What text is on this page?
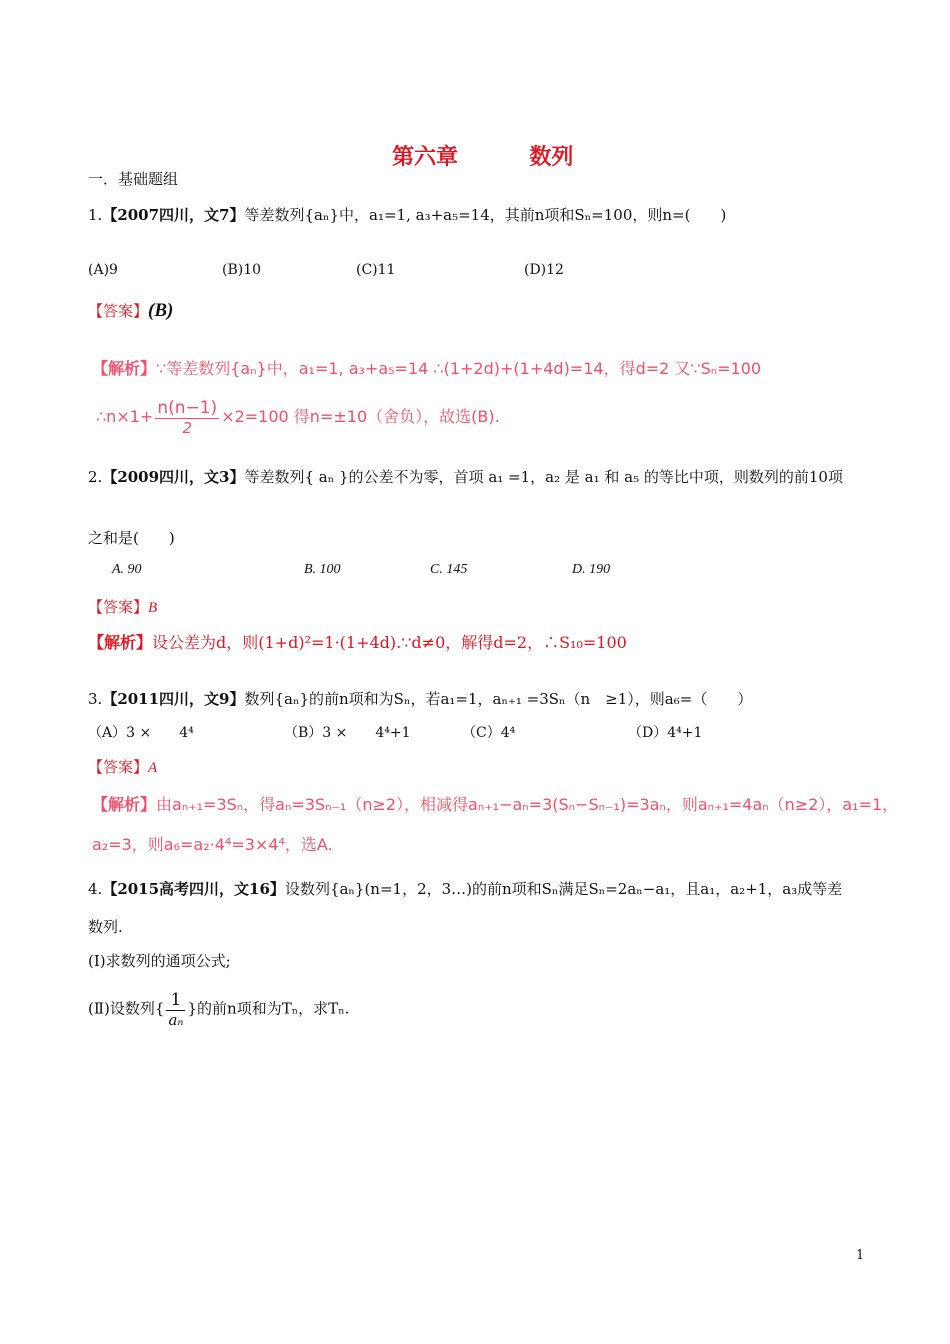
第六章	数列
一．基础题组
1.【2007四川，文7】等差数列{aₙ}中，a₁=1, a₃+a₅=14，其前n项和Sₙ=100，则n=(　　)
(A)9	(B)10	(C)11	(D)12
【答案】(B)
【解析】∵等差数列{aₙ}中，a₁=1, a₃+a₅=14 ∴(1+2d)+(1+4d)=14，得d=2 又∵Sₙ=100
∴n×1+ $\frac{n(n-1)}{2} \times 2=100$ 得n=±10（舍负），故选(B).
2.【2009四川，文3】等差数列{ aₙ }的公差不为零，首项 a₁ =1，a₂ 是 a₁ 和 a₅ 的等比中项，则数列的前10项
之和是(　　)
A. 90	B. 100	C. 145	D. 190
【答案】B
【解析】设公差为d，则(1+d)²=1·(1+4d).∵d≠0，解得d=2，∴S₁₀=100
3.【2011四川，文9】数列{aₙ}的前n项和为Sₙ，若a₁=1，aₙ₊₁ =3Sₙ（n　≥1），则a₆=（　　）
（A）3 ×　　4⁴	（B）3 ×　　4⁴+1	（C）4⁴	（D）4⁴+1
【答案】A
【解析】由aₙ₊₁=3Sₙ，得aₙ=3Sₙ₋₁（n≥2），相减得aₙ₊₁−aₙ=3(Sₙ−Sₙ₋₁)=3aₙ，则aₙ₊₁=4aₙ（n≥2），a₁=1，
a₂=3，则a₆=a₂·4⁴=3×4⁴，选A.
4.【2015高考四川，文16】设数列{aₙ}(n=1，2，3…)的前n项和Sₙ满足Sₙ=2aₙ−a₁，且a₁，a₂+1，a₃成等差
数列.
(Ⅰ)求数列的通项公式;
(Ⅱ)设数列{ $\frac{1}{\text{aₙ}}$ }的前n项和为Tₙ，求Tₙ.
1
